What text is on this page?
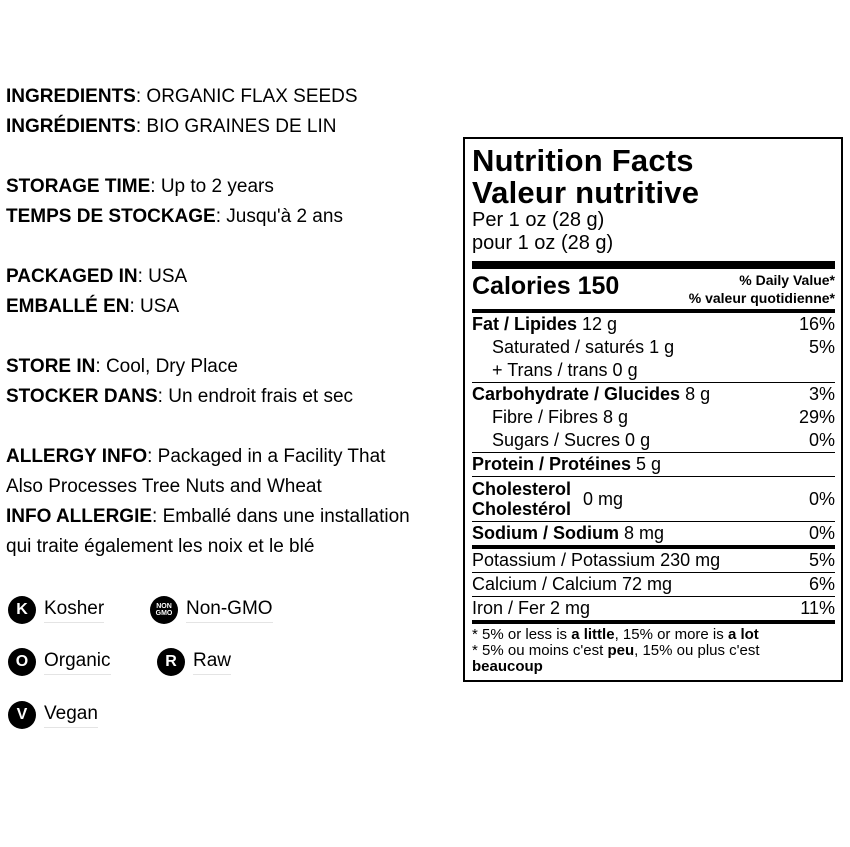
INGREDIENTS: ORGANIC FLAX SEEDS
INGRÉDIENTS: BIO GRAINES DE LIN
STORAGE TIME: Up to 2 years
TEMPS DE STOCKAGE: Jusqu'à 2 ans
PACKAGED IN: USA
EMBALLÉ EN: USA
STORE IN: Cool, Dry Place
STOCKER DANS: Un endroit frais et sec
ALLERGY INFO: Packaged in a Facility That
Also Processes Tree Nuts and Wheat
INFO ALLERGIE: Emballé dans une installation
qui traite également les noix et le blé
K Kosher	NON GMO Non-GMO
O Organic	R Raw
V Vegan
Nutrition Facts
Valeur nutritive
Per 1 oz (28 g)
pour 1 oz (28 g)
Calories 150	% Daily Value*
% valeur quotidienne*
Fat / Lipides 12 g	16%
Saturated / saturés 1 g	5%
+ Trans / trans 0 g
Carbohydrate / Glucides 8 g	3%
Fibre / Fibres 8 g	29%
Sugars / Sucres 0 g	0%
Protein / Protéines 5 g
Cholesterol
Cholestérol
0 mg	0%
Sodium / Sodium 8 mg	0%
Potassium / Potassium 230 mg	5%
Calcium / Calcium 72 mg	6%
Iron / Fer 2 mg	11%
* 5% or less is a little, 15% or more is a lot
* 5% ou moins c'est peu, 15% ou plus c'est
beaucoup
